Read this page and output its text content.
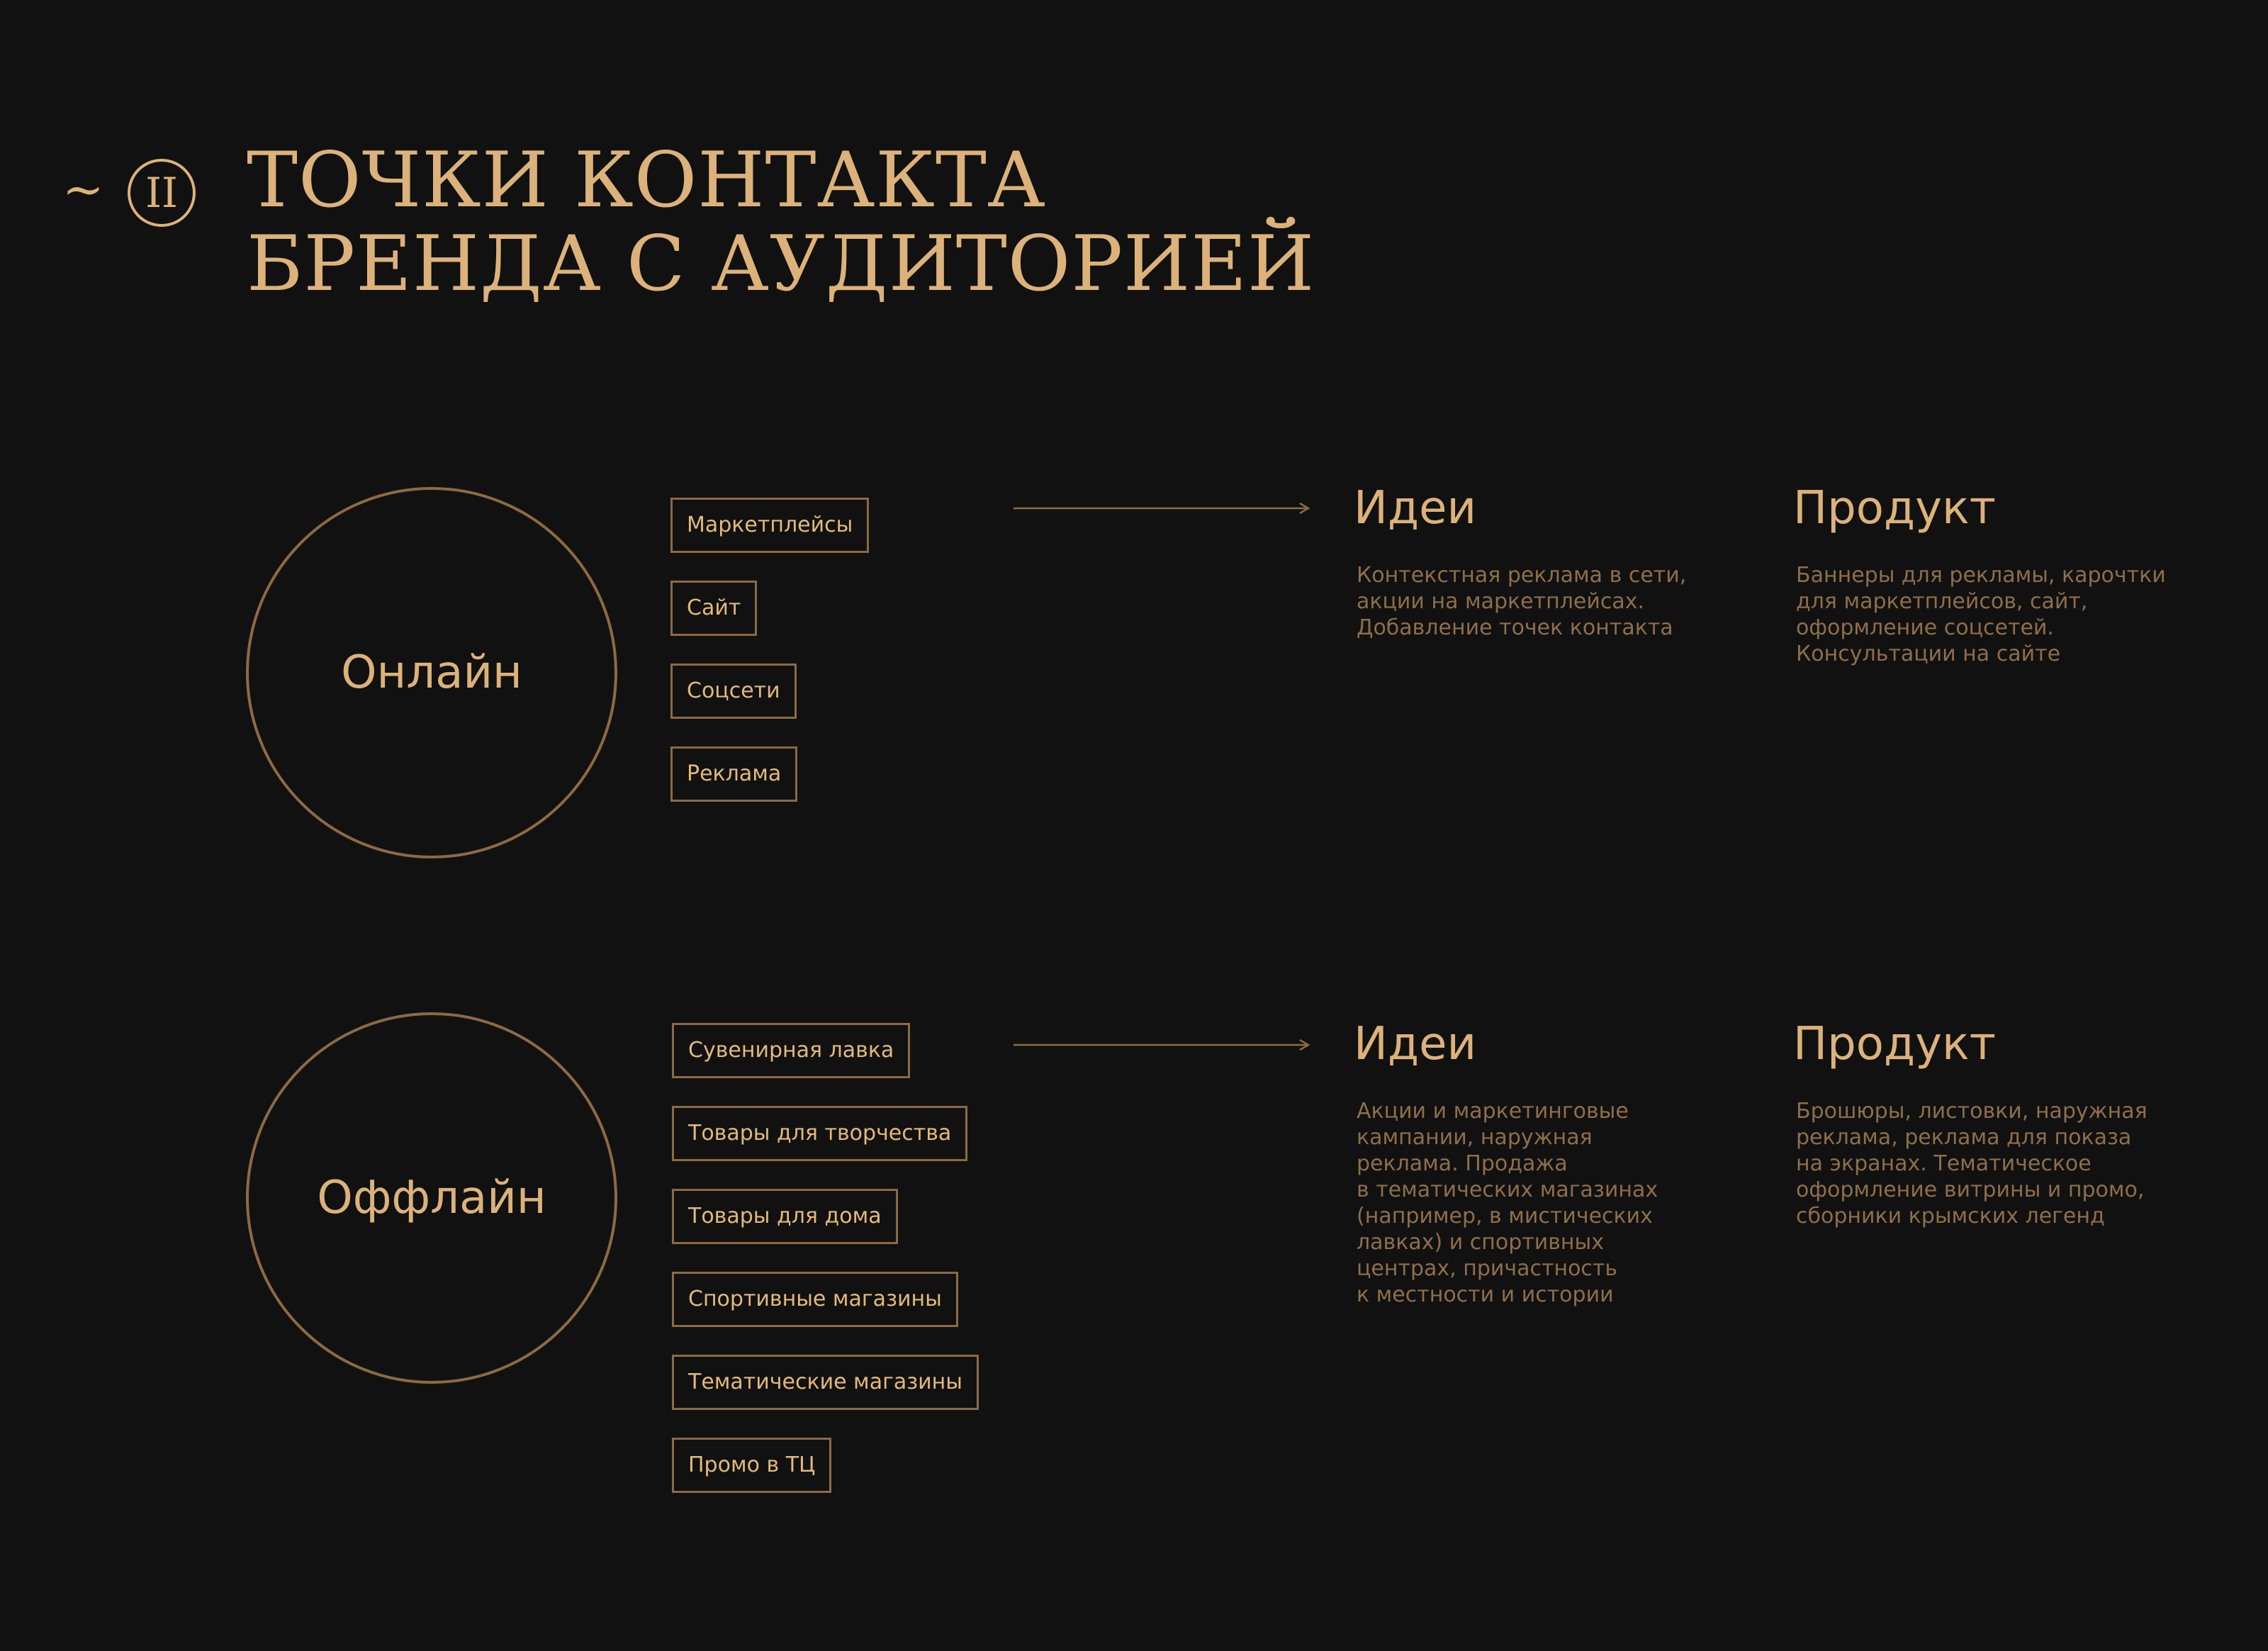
~	II ТОЧКИ КОНТАКТА
БРЕНДА С АУДИТОРИЕЙ
Онлайн
Маркетплейсы
Сайт
Соцсети
Реклама
Идеи

Контекстная реклама в сети,
акции на маркетплейсах.
Добавление точек контакта

Продукт

Баннеры для рекламы, карочтки
для маркетплейсов, сайт,
оформление соцсетей.
Консультации на сайте

Оффлайн
Сувенирная лавка
Товары для творчества
Товары для дома
Спортивные магазины
Тематические магазины
Промо в ТЦ
Идеи

Акции и маркетинговые
кампании, наружная
реклама. Продажа
в тематических магазинах
(например, в мистических
лавках) и спортивных
центрах, причастность
к местности и истории

Продукт

Брошюры, листовки, наружная
реклама, реклама для показа
на экранах. Тематическое
оформление витрины и промо,
сборники крымских легенд
